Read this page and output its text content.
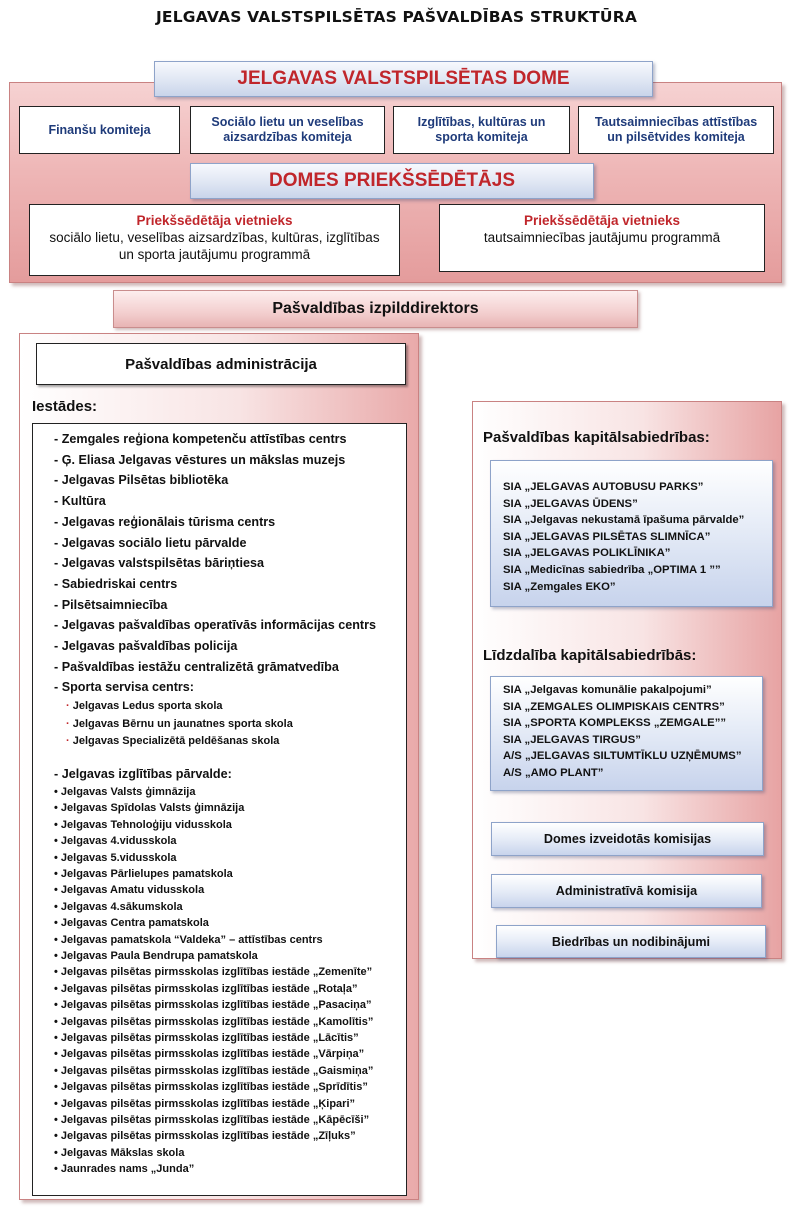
JELGAVAS VALSTSPILSĒTAS PAŠVALDĪBAS STRUKTŪRA
JELGAVAS VALSTSPILSĒTAS DOME
Finanšu komiteja
Sociālo lietu un veselības
aizsardzības komiteja
Izglītības, kultūras un
sporta komiteja
Tautsaimniecības attīstības
un pilsētvides komiteja
DOMES PRIEKŠSĒDĒTĀJS
Priekšsēdētāja vietnieks
sociālo lietu, veselības aizsardzības, kultūras, izglītības
un sporta jautājumu programmā
Priekšsēdētāja vietnieks
tautsaimniecības jautājumu programmā
Pašvaldības izpilddirektors
Pašvaldības administrācija
Iestādes:
- Zemgales reģiona kompetenču attīstības centrs
- Ģ. Eliasa Jelgavas vēstures un mākslas muzejs
- Jelgavas Pilsētas bibliotēka
- Kultūra
- Jelgavas reģionālais tūrisma centrs
- Jelgavas sociālo lietu pārvalde
- Jelgavas valstspilsētas bāriņtiesa
- Sabiedriskai centrs
- Pilsētsaimniecība
- Jelgavas pašvaldības operatīvās informācijas centrs
- Jelgavas pašvaldības policija
- Pašvaldības iestāžu centralizētā grāmatvedība
- Sporta servisa centrs:
· Jelgavas Ledus sporta skola
· Jelgavas Bērnu un jaunatnes sporta skola
· Jelgavas Specializētā peldēšanas skola
- Jelgavas izglītības pārvalde:
• Jelgavas Valsts ģimnāzija
• Jelgavas Spīdolas Valsts ģimnāzija
• Jelgavas Tehnoloģiju vidusskola
• Jelgavas 4.vidusskola
• Jelgavas 5.vidusskola
• Jelgavas Pārlielupes pamatskola
• Jelgavas Amatu vidusskola
• Jelgavas 4.sākumskola
• Jelgavas Centra pamatskola
• Jelgavas pamatskola “Valdeka” – attīstības centrs
• Jelgavas Paula Bendrupa pamatskola
• Jelgavas pilsētas pirmsskolas izglītības iestāde „Zemenīte”
• Jelgavas pilsētas pirmsskolas izglītības iestāde „Rotaļa”
• Jelgavas pilsētas pirmsskolas izglītības iestāde „Pasaciņa”
• Jelgavas pilsētas pirmsskolas izglītības iestāde „Kamolītis”
• Jelgavas pilsētas pirmsskolas izglītības iestāde „Lācītis”
• Jelgavas pilsētas pirmsskolas izglītības iestāde „Vārpiņa”
• Jelgavas pilsētas pirmsskolas izglītības iestāde „Gaismiņa”
• Jelgavas pilsētas pirmsskolas izglītības iestāde „Sprīdītis”
• Jelgavas pilsētas pirmsskolas izglītības iestāde „Ķipari”
• Jelgavas pilsētas pirmsskolas izglītības iestāde „Kāpēcīši”
• Jelgavas pilsētas pirmsskolas izglītības iestāde „Zīļuks”
• Jelgavas Mākslas skola
• Jaunrades nams „Junda”
Pašvaldības kapitālsabiedrības:
SIA „JELGAVAS AUTOBUSU PARKS”
SIA „JELGAVAS ŪDENS”
SIA „Jelgavas nekustamā īpašuma pārvalde”
SIA „JELGAVAS PILSĒTAS SLIMNĪCA”
SIA „JELGAVAS POLIKLĪNIKA”
SIA „Medicīnas sabiedrība „OPTIMA 1 ””
SIA „Zemgales EKO”
Līdzdalība kapitālsabiedrībās:
SIA „Jelgavas komunālie pakalpojumi”
SIA „ZEMGALES OLIMPISKAIS CENTRS”
SIA „SPORTA KOMPLEKSS „ZEMGALE””
SIA „JELGAVAS TIRGUS”
A/S „JELGAVAS SILTUMTĪKLU UZŅĒMUMS”
A/S „AMO PLANT”
Domes izveidotās komisijas
Administratīvā komisija
Biedrības un nodibinājumi
